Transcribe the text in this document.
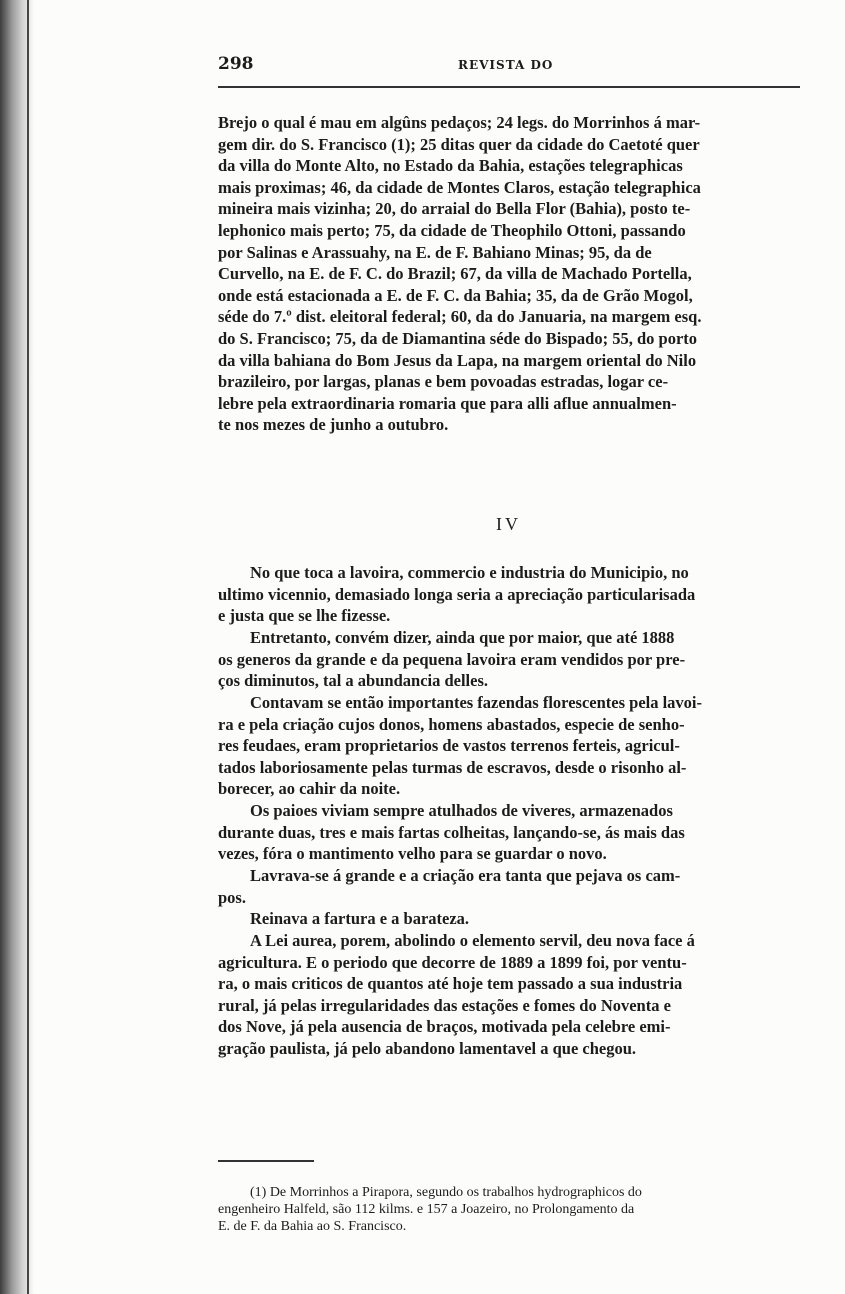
298	REVISTA DO

Brejo o qual é mau em algûns pedaços; 24 legs. do Morrinhos á mar-
gem dir. do S. Francisco (1); 25 ditas quer da cidade do Caetoté quer
da villa do Monte Alto, no Estado da Bahia, estações telegraphicas
mais proximas; 46, da cidade de Montes Claros, estação telegraphica
mineira mais vizinha; 20, do arraial do Bella Flor (Bahia), posto te-
lephonico mais perto; 75, da cidade de Theophilo Ottoni, passando
por Salinas e Arassuahy, na E. de F. Bahiano Minas; 95, da de
Curvello, na E. de F. C. do Brazil; 67, da villa de Machado Portella,
onde está estacionada a E. de F. C. da Bahia; 35, da de Grão Mogol,
séde do 7.º dist. eleitoral federal; 60, da do Januaria, na margem esq.
do S. Francisco; 75, da de Diamantina séde do Bispado; 55, do porto
da villa bahiana do Bom Jesus da Lapa, na margem oriental do Nilo
brazileiro, por largas, planas e bem povoadas estradas, logar ce-
lebre pela extraordinaria romaria que para alli aflue annualmen-
te nos mezes de junho a outubro.

IV

No que toca a lavoira, commercio e industria do Municipio, no
ultimo vicennio, demasiado longa seria a apreciação particularisada
e justa que se lhe fizesse.

Entretanto, convém dizer, ainda que por maior, que até 1888
os generos da grande e da pequena lavoira eram vendidos por pre-
ços diminutos, tal a abundancia delles.

Contavam se então importantes fazendas florescentes pela lavoi-
ra e pela criação cujos donos, homens abastados, especie de senho-
res feudaes, eram proprietarios de vastos terrenos ferteis, agricul-
tados laboriosamente pelas turmas de escravos, desde o risonho al-
borecer, ao cahir da noite.

Os paioes viviam sempre atulhados de viveres, armazenados
durante duas, tres e mais fartas colheitas, lançando-se, ás mais das
vezes, fóra o mantimento velho para se guardar o novo.

Lavrava-se á grande e a criação era tanta que pejava os cam-
pos.

Reinava a fartura e a barateza.

A Lei aurea, porem, abolindo o elemento servil, deu nova face á
agricultura. E o periodo que decorre de 1889 a 1899 foi, por ventu-
ra, o mais criticos de quantos até hoje tem passado a sua industria
rural, já pelas irregularidades das estações e fomes do Noventa e
dos Nove, já pela ausencia de braços, motivada pela celebre emi-
gração paulista, já pelo abandono lamentavel a que chegou.

(1) De Morrinhos a Pirapora, segundo os trabalhos hydrographicos do
engenheiro Halfeld, são 112 kilms. e 157 a Joazeiro, no Prolongamento da
E. de F. da Bahia ao S. Francisco.
